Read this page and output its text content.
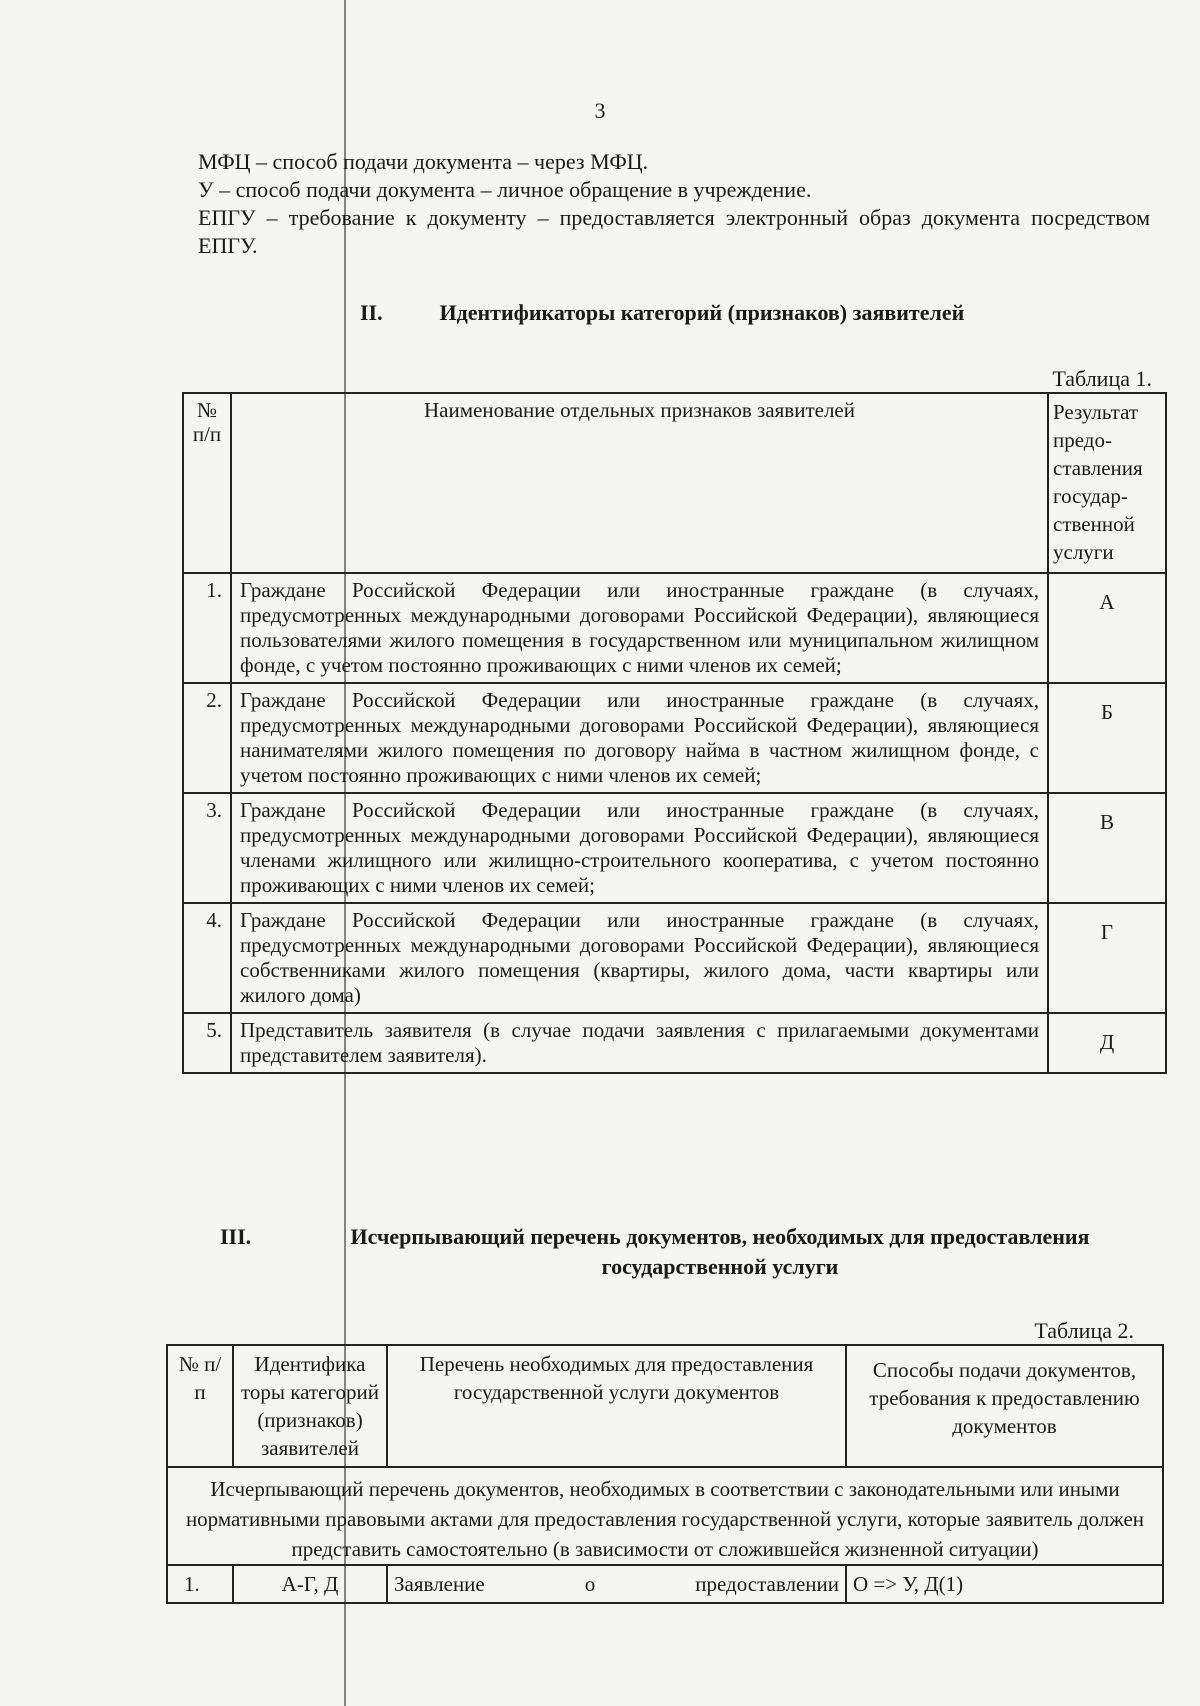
3

МФЦ – способ подачи документа – через МФЦ.

У – способ подачи документа – личное обращение в учреждение.

ЕПГУ – требование к документу – предоставляется электронный образ документа посредством ЕПГУ.

II.	Идентификаторы категорий (признаков) заявителей
Таблица 1.
№ п/п	Наименование отдельных признаков заявителей	Результат предо-ставления государ-ственной услуги
1.	Граждане Российской Федерации или иностранные граждане (в случаях, предусмотренных международными договорами Российской Федерации), являющиеся пользователями жилого помещения в государственном или муниципальном жилищном фонде, с учетом постоянно проживающих с ними членов их семей;	А
2.	Граждане Российской Федерации или иностранные граждане (в случаях, предусмотренных международными договорами Российской Федерации), являющиеся нанимателями жилого помещения по договору найма в частном жилищном фонде, с учетом постоянно проживающих с ними членов их семей;	Б
3.	Граждане Российской Федерации или иностранные граждане (в случаях, предусмотренных международными договорами Российской Федерации), являющиеся членами жилищного или жилищно-строительного кооператива, с учетом постоянно проживающих с ними членов их семей;	В
4.	Граждане Российской Федерации или иностранные граждане (в случаях, предусмотренных международными договорами Российской Федерации), являющиеся собственниками жилого помещения (квартиры, жилого дома, части квартиры или жилого дома)	Г
5.	Представитель заявителя (в случае подачи заявления с прилагаемыми документами представителем заявителя).	Д
III.	Исчерпывающий перечень документов, необходимых для предоставления государственной услуги
Таблица 2.
№ п/п	Идентифика торы категорий (признаков) заявителей	Перечень необходимых для предоставления государственной услуги документов	Способы подачи документов, требования к предоставлению документов
Исчерпывающий перечень документов, необходимых в соответствии с законодательными или иными нормативными правовыми актами для предоставления государственной услуги, которые заявитель должен представить самостоятельно (в зависимости от сложившейся жизненной ситуации)			
1.	А-Г, Д	Заявление о предоставлении	О => У, Д(1)
